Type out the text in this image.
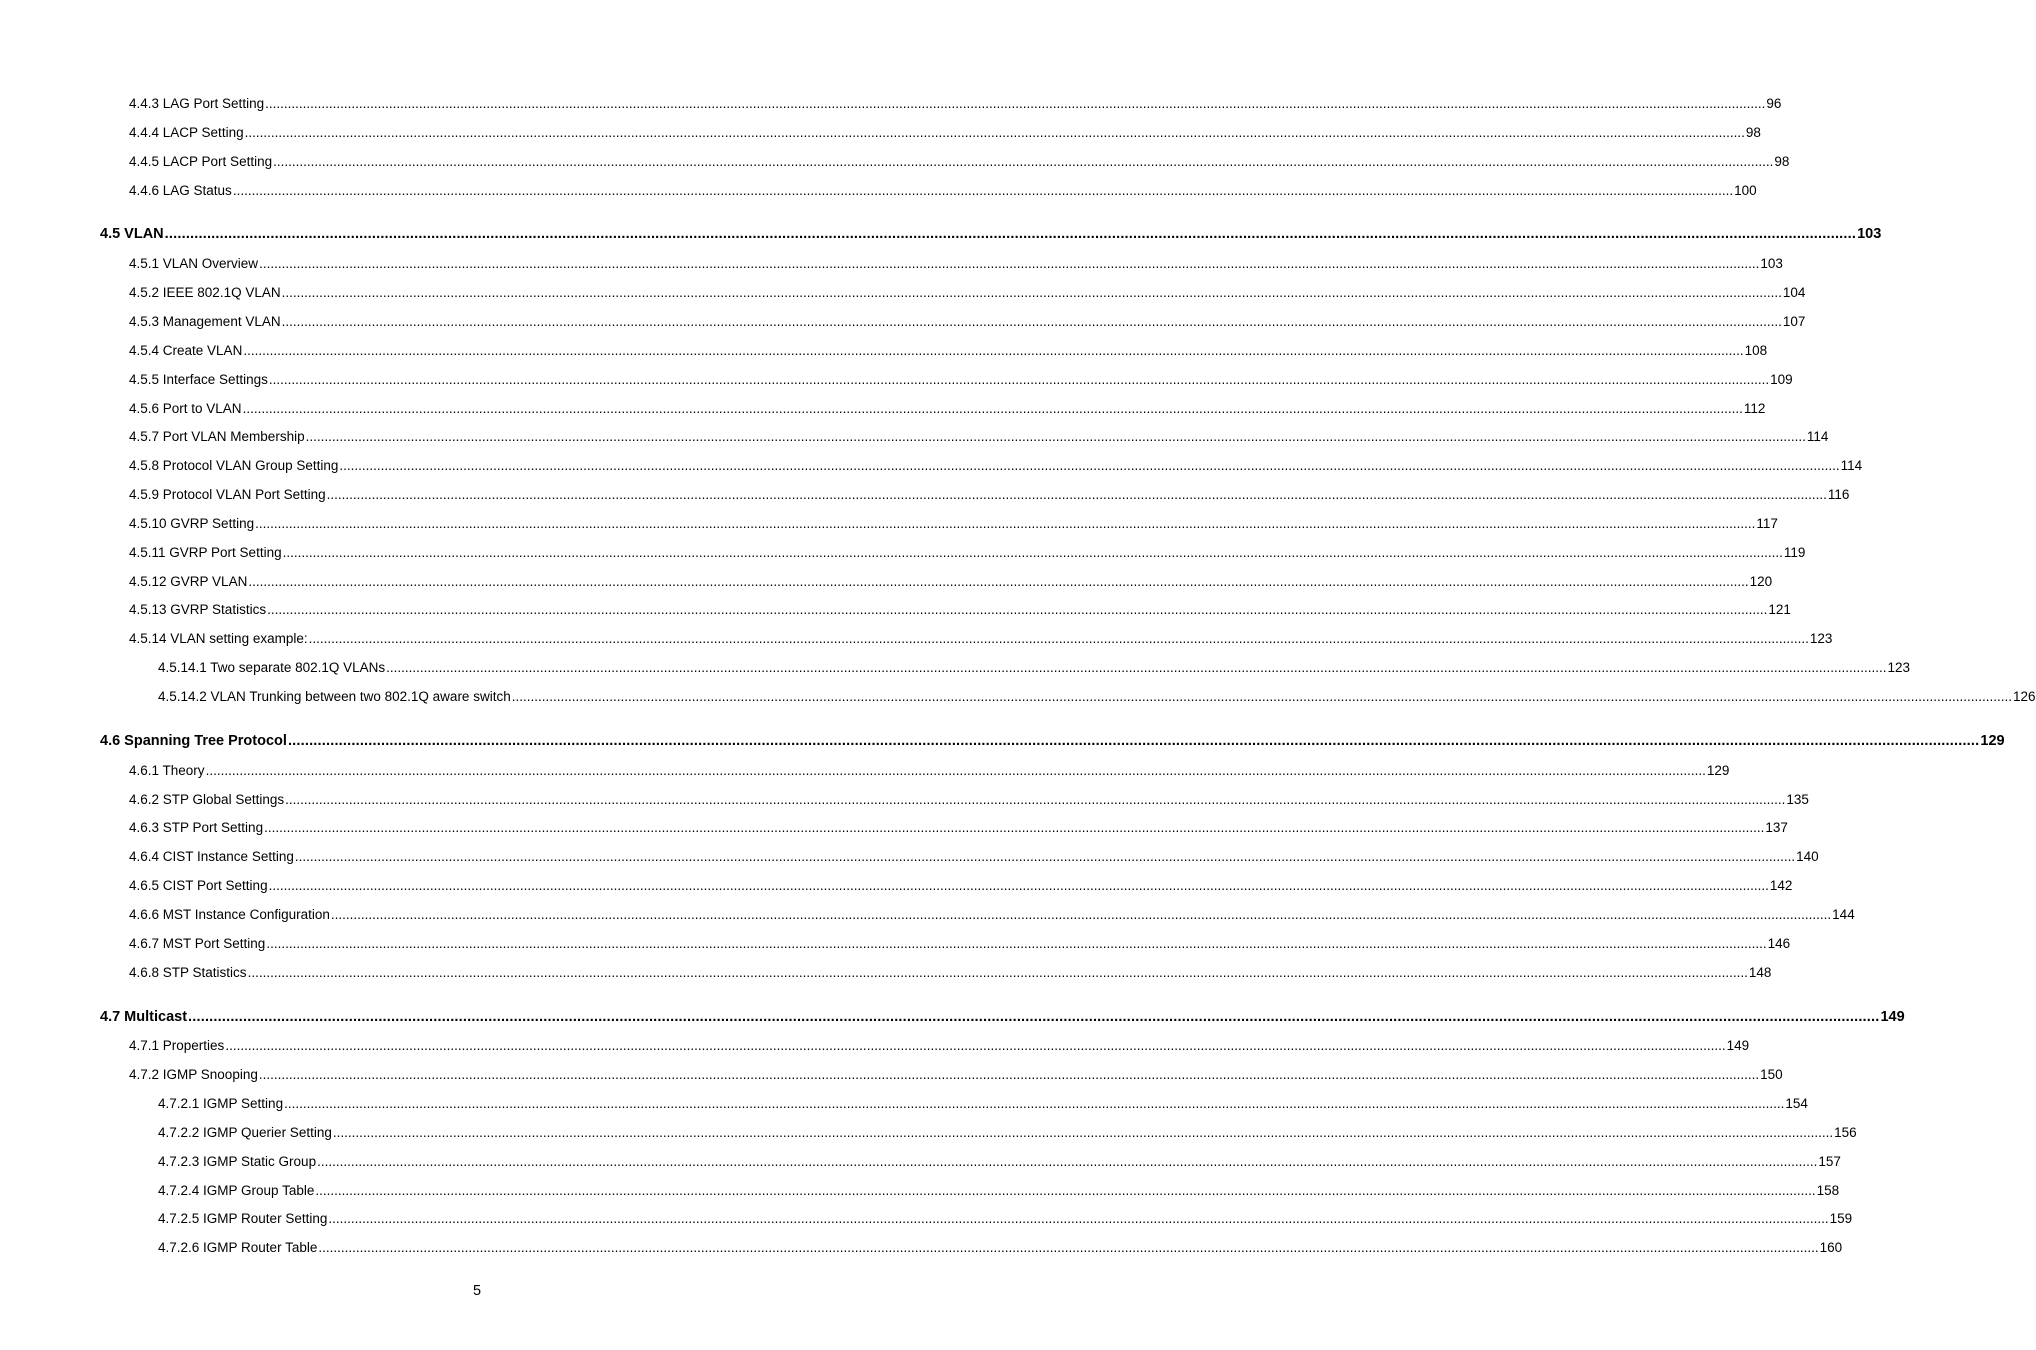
4.4.3 LAG Port Setting ................................................................................................................................................................................................................................................................................................................................................................................................................ 96
4.4.4 LACP Setting ................................................................................................................................................................................................................................................................................................................................................................................................................ 98
4.4.5 LACP Port Setting ................................................................................................................................................................................................................................................................................................................................................................................................................ 98
4.4.6 LAG Status ................................................................................................................................................................................................................................................................................................................................................................................................................ 100
4.5 VLAN ................................................................................................................................................................................................................................................................................................................................................................................................................ 103
4.5.1 VLAN Overview ................................................................................................................................................................................................................................................................................................................................................................................................................ 103
4.5.2 IEEE 802.1Q VLAN ................................................................................................................................................................................................................................................................................................................................................................................................................ 104
4.5.3 Management VLAN ................................................................................................................................................................................................................................................................................................................................................................................................................ 107
4.5.4 Create VLAN ................................................................................................................................................................................................................................................................................................................................................................................................................ 108
4.5.5 Interface Settings ................................................................................................................................................................................................................................................................................................................................................................................................................ 109
4.5.6 Port to VLAN ................................................................................................................................................................................................................................................................................................................................................................................................................ 112
4.5.7 Port VLAN Membership ................................................................................................................................................................................................................................................................................................................................................................................................................ 114
4.5.8 Protocol VLAN Group Setting ................................................................................................................................................................................................................................................................................................................................................................................................................ 114
4.5.9 Protocol VLAN Port Setting ................................................................................................................................................................................................................................................................................................................................................................................................................ 116
4.5.10 GVRP Setting ................................................................................................................................................................................................................................................................................................................................................................................................................ 117
4.5.11 GVRP Port Setting ................................................................................................................................................................................................................................................................................................................................................................................................................ 119
4.5.12 GVRP VLAN ................................................................................................................................................................................................................................................................................................................................................................................................................ 120
4.5.13 GVRP Statistics ................................................................................................................................................................................................................................................................................................................................................................................................................ 121
4.5.14 VLAN setting example: ................................................................................................................................................................................................................................................................................................................................................................................................................ 123
4.5.14.1 Two separate 802.1Q VLANs ................................................................................................................................................................................................................................................................................................................................................................................................................ 123
4.5.14.2 VLAN Trunking between two 802.1Q aware switch ................................................................................................................................................................................................................................................................................................................................................................................................................ 126
4.6 Spanning Tree Protocol ................................................................................................................................................................................................................................................................................................................................................................................................................ 129
4.6.1 Theory ................................................................................................................................................................................................................................................................................................................................................................................................................ 129
4.6.2 STP Global Settings ................................................................................................................................................................................................................................................................................................................................................................................................................ 135
4.6.3 STP Port Setting ................................................................................................................................................................................................................................................................................................................................................................................................................ 137
4.6.4 CIST Instance Setting ................................................................................................................................................................................................................................................................................................................................................................................................................ 140
4.6.5 CIST Port Setting ................................................................................................................................................................................................................................................................................................................................................................................................................ 142
4.6.6 MST Instance Configuration ................................................................................................................................................................................................................................................................................................................................................................................................................ 144
4.6.7 MST Port Setting ................................................................................................................................................................................................................................................................................................................................................................................................................ 146
4.6.8 STP Statistics ................................................................................................................................................................................................................................................................................................................................................................................................................ 148
4.7 Multicast ................................................................................................................................................................................................................................................................................................................................................................................................................ 149
4.7.1 Properties ................................................................................................................................................................................................................................................................................................................................................................................................................ 149
4.7.2 IGMP Snooping ................................................................................................................................................................................................................................................................................................................................................................................................................ 150
4.7.2.1 IGMP Setting ................................................................................................................................................................................................................................................................................................................................................................................................................ 154
4.7.2.2 IGMP Querier Setting ................................................................................................................................................................................................................................................................................................................................................................................................................ 156
4.7.2.3 IGMP Static Group ................................................................................................................................................................................................................................................................................................................................................................................................................ 157
4.7.2.4 IGMP Group Table ................................................................................................................................................................................................................................................................................................................................................................................................................ 158
4.7.2.5 IGMP Router Setting ................................................................................................................................................................................................................................................................................................................................................................................................................ 159
4.7.2.6 IGMP Router Table ................................................................................................................................................................................................................................................................................................................................................................................................................ 160
5
